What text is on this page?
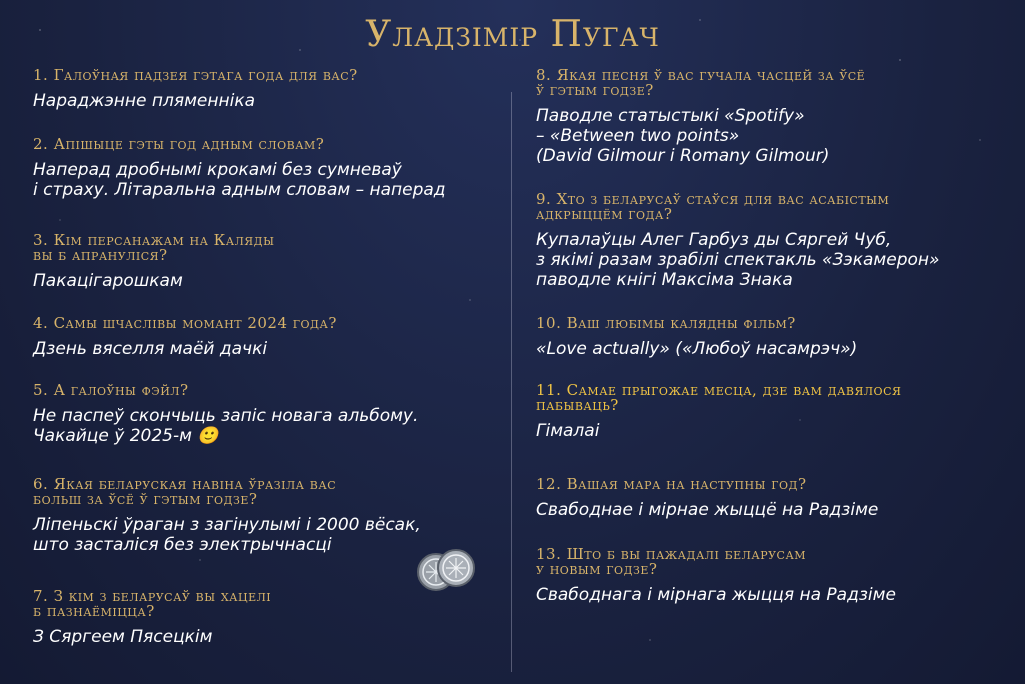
Уладзімір Пугач
1. Галоўная падзея гэтага года для вас?
Нараджэнне пляменніка
2. Апішыце гэты год адным словам?
Наперад дробнымі крокамі без сумневаў
і страху. Літаральна адным словам – наперад
3. Кім персанажам на Каляды
вы б апрануліся?
Пакацігарошкам
4. Самы шчаслівы момант 2024 года?
Дзень вяселля маёй дачкі
5. А галоўны фэйл?
Не паспеў скончыць запіс новага альбому.
Чакайце ў 2025-м 🙂
6. Якая беларуская навіна ўразіла вас
больш за ўсё ў гэтым годзе?
Ліпеньскі ўраган з загінулымі і 2000 вёсак,
што засталіся без электрычнасці
7. З кім з беларусаў вы хацелі
б пазнаёміцца?
З Сяргеем Пясецкім
8. Якая песня ў вас гучала часцей за ўсё
ў гэтым годзе?
Паводле статыстыкі «Spotify»
– «Between two points»
(David Gilmour і Romany Gilmour)
9. Хто з беларусаў стаўся для вас асабістым
адкрыццём года?
Купалаўцы Алег Гарбуз ды Сяргей Чуб,
з якімі разам зрабілі спектакль «Зэкамерон»
паводле кнігі Максіма Знака
10. Ваш любімы калядны фільм?
«Love actually» («Любоў насамрэч»)
11. Самае прыгожае месца, дзе вам давялося
пабываць?
Гімалаі
12. Вашая мара на наступны год?
Свабоднае і мірнае жыццё на Радзіме
13. Што б вы пажадалі беларусам
у новым годзе?
Свабоднага і мірнага жыцця на Радзіме
